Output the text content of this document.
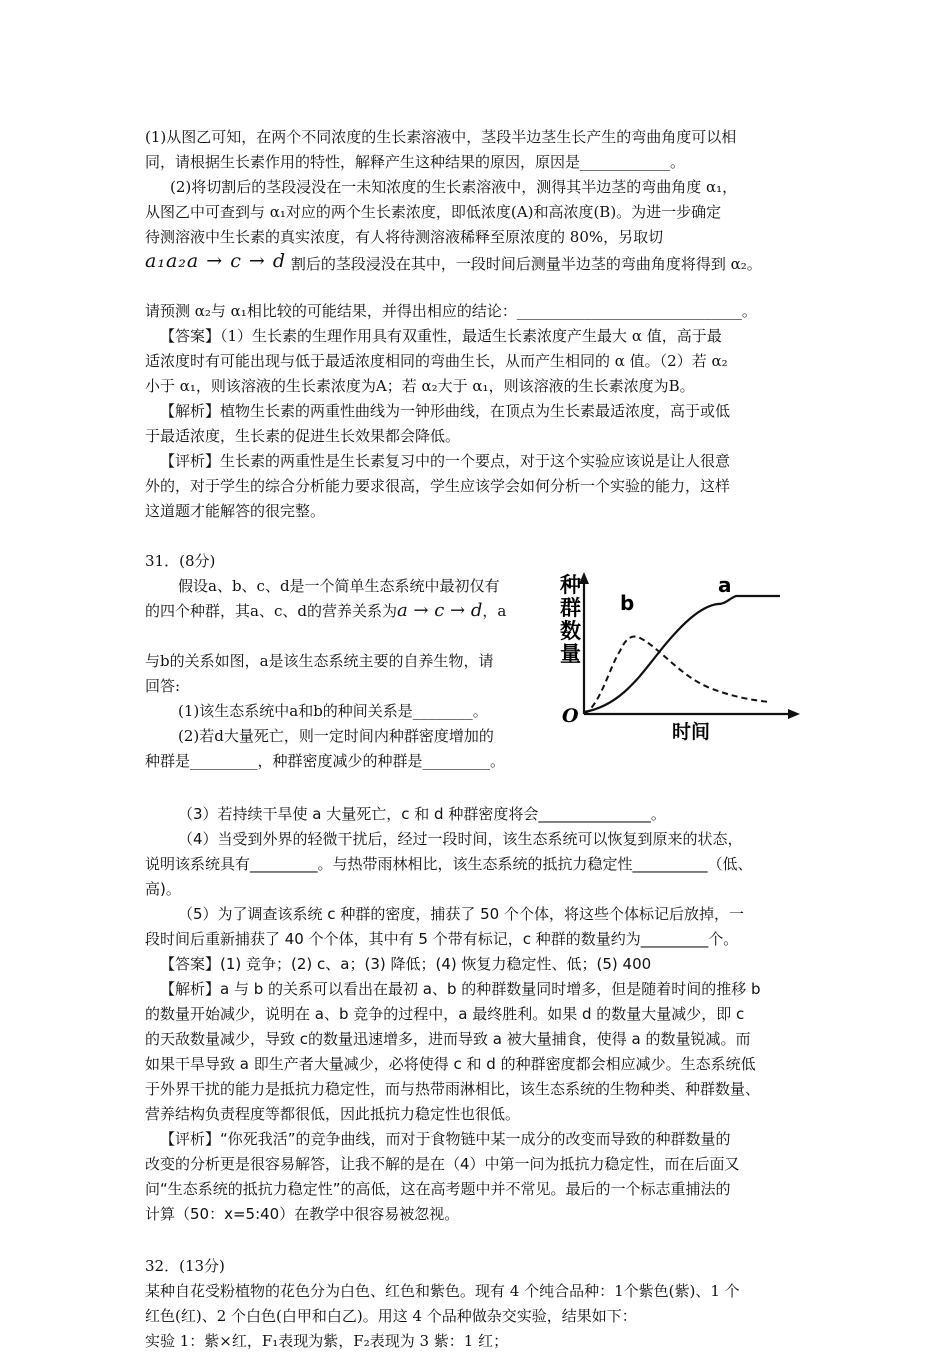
(1)从图乙可知，在两个不同浓度的生长素溶液中，茎段半边茎生长产生的弯曲角度可以相
同，请根据生长素作用的特性，解释产生这种结果的原因，原因是____________。
(2)将切割后的茎段浸没在一未知浓度的生长素溶液中，测得其半边茎的弯曲角度 α₁，
从图乙中可查到与 α₁对应的两个生长素浓度，即低浓度(A)和高浓度(B)。为进一步确定
待测溶液中生长素的真实浓度，有人将待测溶液稀释至原浓度的 80%，另取切
a₁a₂a → c → d 割后的茎段浸没在其中，一段时间后测量半边茎的弯曲角度将得到 α₂。
请预测 α₂与 α₁相比较的可能结果，并得出相应的结论：______________________________。
【答案】（1）生长素的生理作用具有双重性，最适生长素浓度产生最大 α 值，高于最
适浓度时有可能出现与低于最适浓度相同的弯曲生长，从而产生相同的 α 值。（2）若 α₂
小于 α₁，则该溶液的生长素浓度为A；若 α₂大于 α₁，则该溶液的生长素浓度为B。
【解析】植物生长素的两重性曲线为一钟形曲线，在顶点为生长素最适浓度，高于或低
于最适浓度，生长素的促进生长效果都会降低。
【评析】生长素的两重性是生长素复习中的一个要点，对于这个实验应该说是让人很意
外的，对于学生的综合分析能力要求很高，学生应该学会如何分析一个实验的能力，这样
这道题才能解答的很完整。
31．(8分)
假设a、b、c、d是一个简单生态系统中最初仅有
的四个种群，其a、c、d的营养关系为a → c → d，a
与b的关系如图，a是该生态系统主要的自养生物，请
回答:
(1)该生态系统中a和b的种间关系是________。
(2)若d大量死亡，则一定时间内种群密度增加的
种群是_________，种群密度减少的种群是_________。
种群数量
O
时间
a
b
（3）若持续干旱使 a 大量死亡，c 和 d 种群密度将会_______________。
（4）当受到外界的轻微干扰后，经过一段时间，该生态系统可以恢复到原来的状态，
说明该系统具有_________。与热带雨林相比，该生态系统的抵抗力稳定性__________（低、
高)。
（5）为了调查该系统 c 种群的密度，捕获了 50 个个体，将这些个体标记后放掉，一
段时间后重新捕获了 40 个个体，其中有 5 个带有标记，c 种群的数量约为_________个。
【答案】(1) 竞争；(2) c、a；(3) 降低；(4) 恢复力稳定性、低；(5) 400
【解析】a 与 b 的关系可以看出在最初 a、b 的种群数量同时增多，但是随着时间的推移 b
的数量开始减少，说明在 a、b 竞争的过程中，a 最终胜利。如果 d 的数量大量减少，即 c
的天敌数量减少，导致 c的数量迅速增多，进而导致 a 被大量捕食，使得 a 的数量锐减。而
如果干旱导致 a 即生产者大量减少，必将使得 c 和 d 的种群密度都会相应减少。生态系统低
于外界干扰的能力是抵抗力稳定性，而与热带雨淋相比，该生态系统的生物种类、种群数量、
营养结构负责程度等都很低，因此抵抗力稳定性也很低。
【评析】“你死我活”的竞争曲线，而对于食物链中某一成分的改变而导致的种群数量的
改变的分析更是很容易解答，让我不解的是在（4）中第一问为抵抗力稳定性，而在后面又
问“生态系统的抵抗力稳定性”的高低，这在高考题中并不常见。最后的一个标志重捕法的
计算（50：x=5:40）在教学中很容易被忽视。
32．(13分)
某种自花受粉植物的花色分为白色、红色和紫色。现有 4 个纯合品种：1个紫色(紫)、1 个
红色(红)、2 个白色(白甲和白乙)。用这 4 个品种做杂交实验，结果如下：
实验 1：紫×红，F₁表现为紫，F₂表现为 3 紫：1 红；
